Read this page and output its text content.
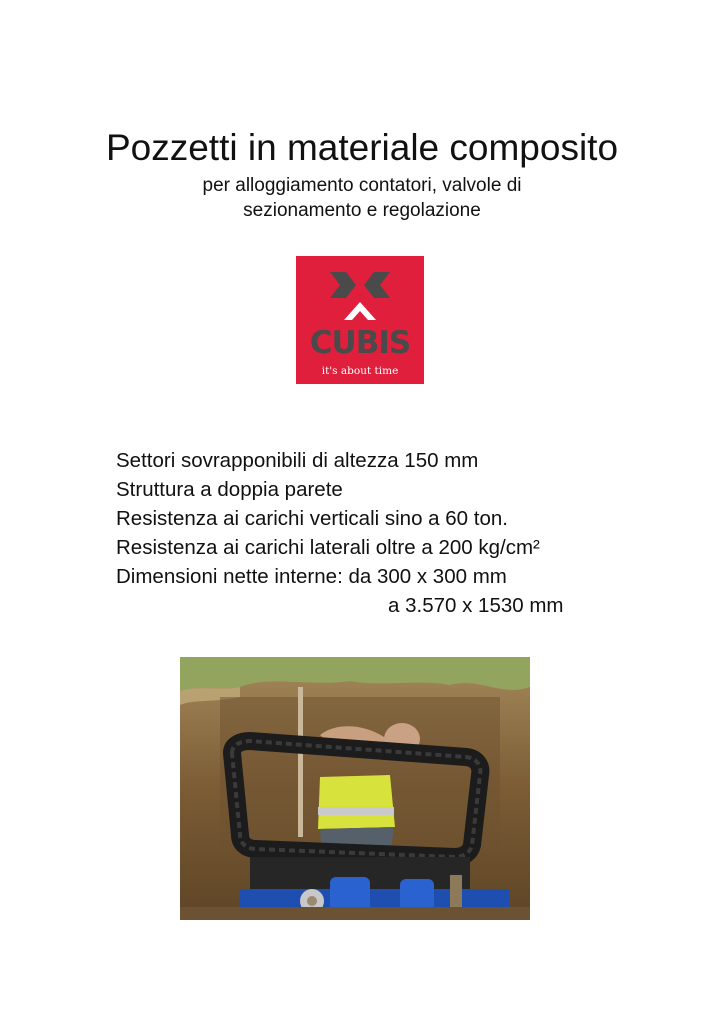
Pozzetti in materiale composito
per alloggiamento contatori, valvole di
sezionamento e regolazione
CUBIS
it's about time
Settori sovrapponibili di altezza 150 mm
Struttura a doppia parete
Resistenza ai carichi verticali sino a 60 ton.
Resistenza ai carichi laterali oltre a 200 kg/cm²
Dimensioni nette interne: da 300 x 300 mm
a 3.570 x 1530 mm
